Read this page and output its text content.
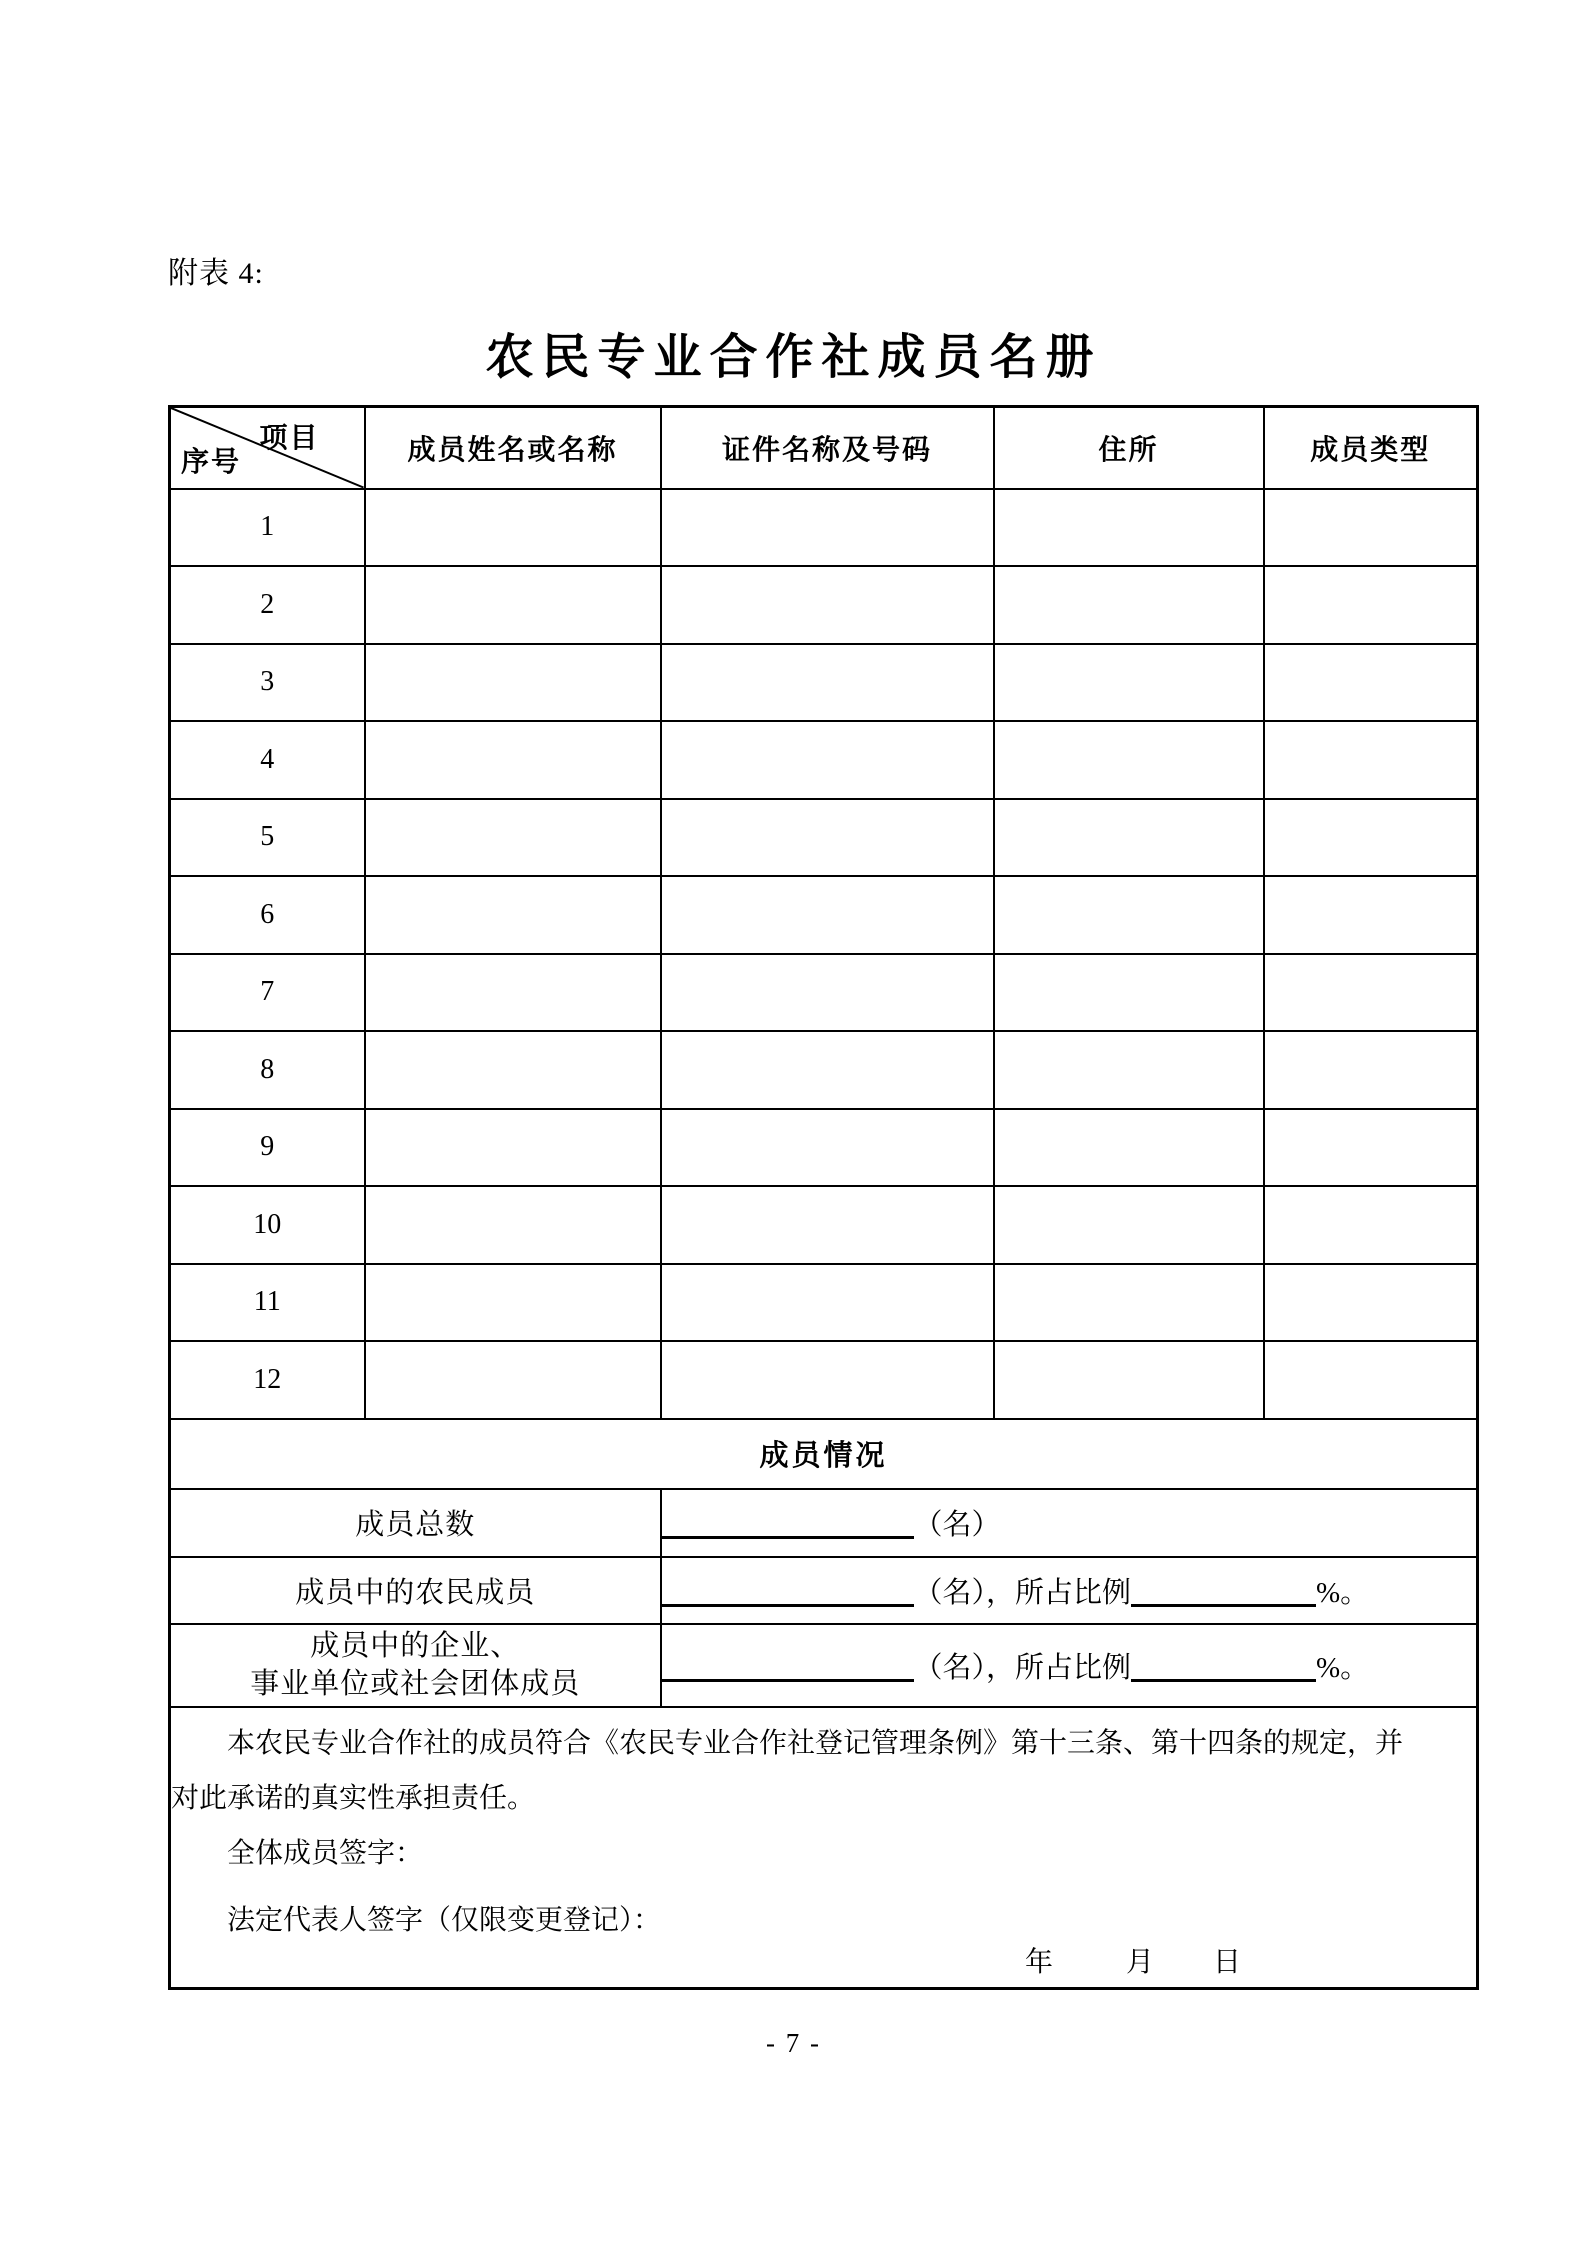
附表 4:
农民专业合作社成员名册
项目
序号	成员姓名或名称	证件名称及号码	住所	成员类型
1				
2				
3				
4				
5				
6				
7				
8				
9				
10				
11				
12				
成员情况				
成员总数		（名）		
成员中的农民成员		（名），所占比例 %。		

成员中的企业、
事业单位或社会团体成员		（名），所占比例 %。		

本农民专业合作社的成员符合《农民专业合作社登记管理条例》第十三条、第十四条的规定，并对此承诺的真实性承担责任。

全体成员签字：

法定代表人签字（仅限变更登记）：

年 月 日				

- 7 -
